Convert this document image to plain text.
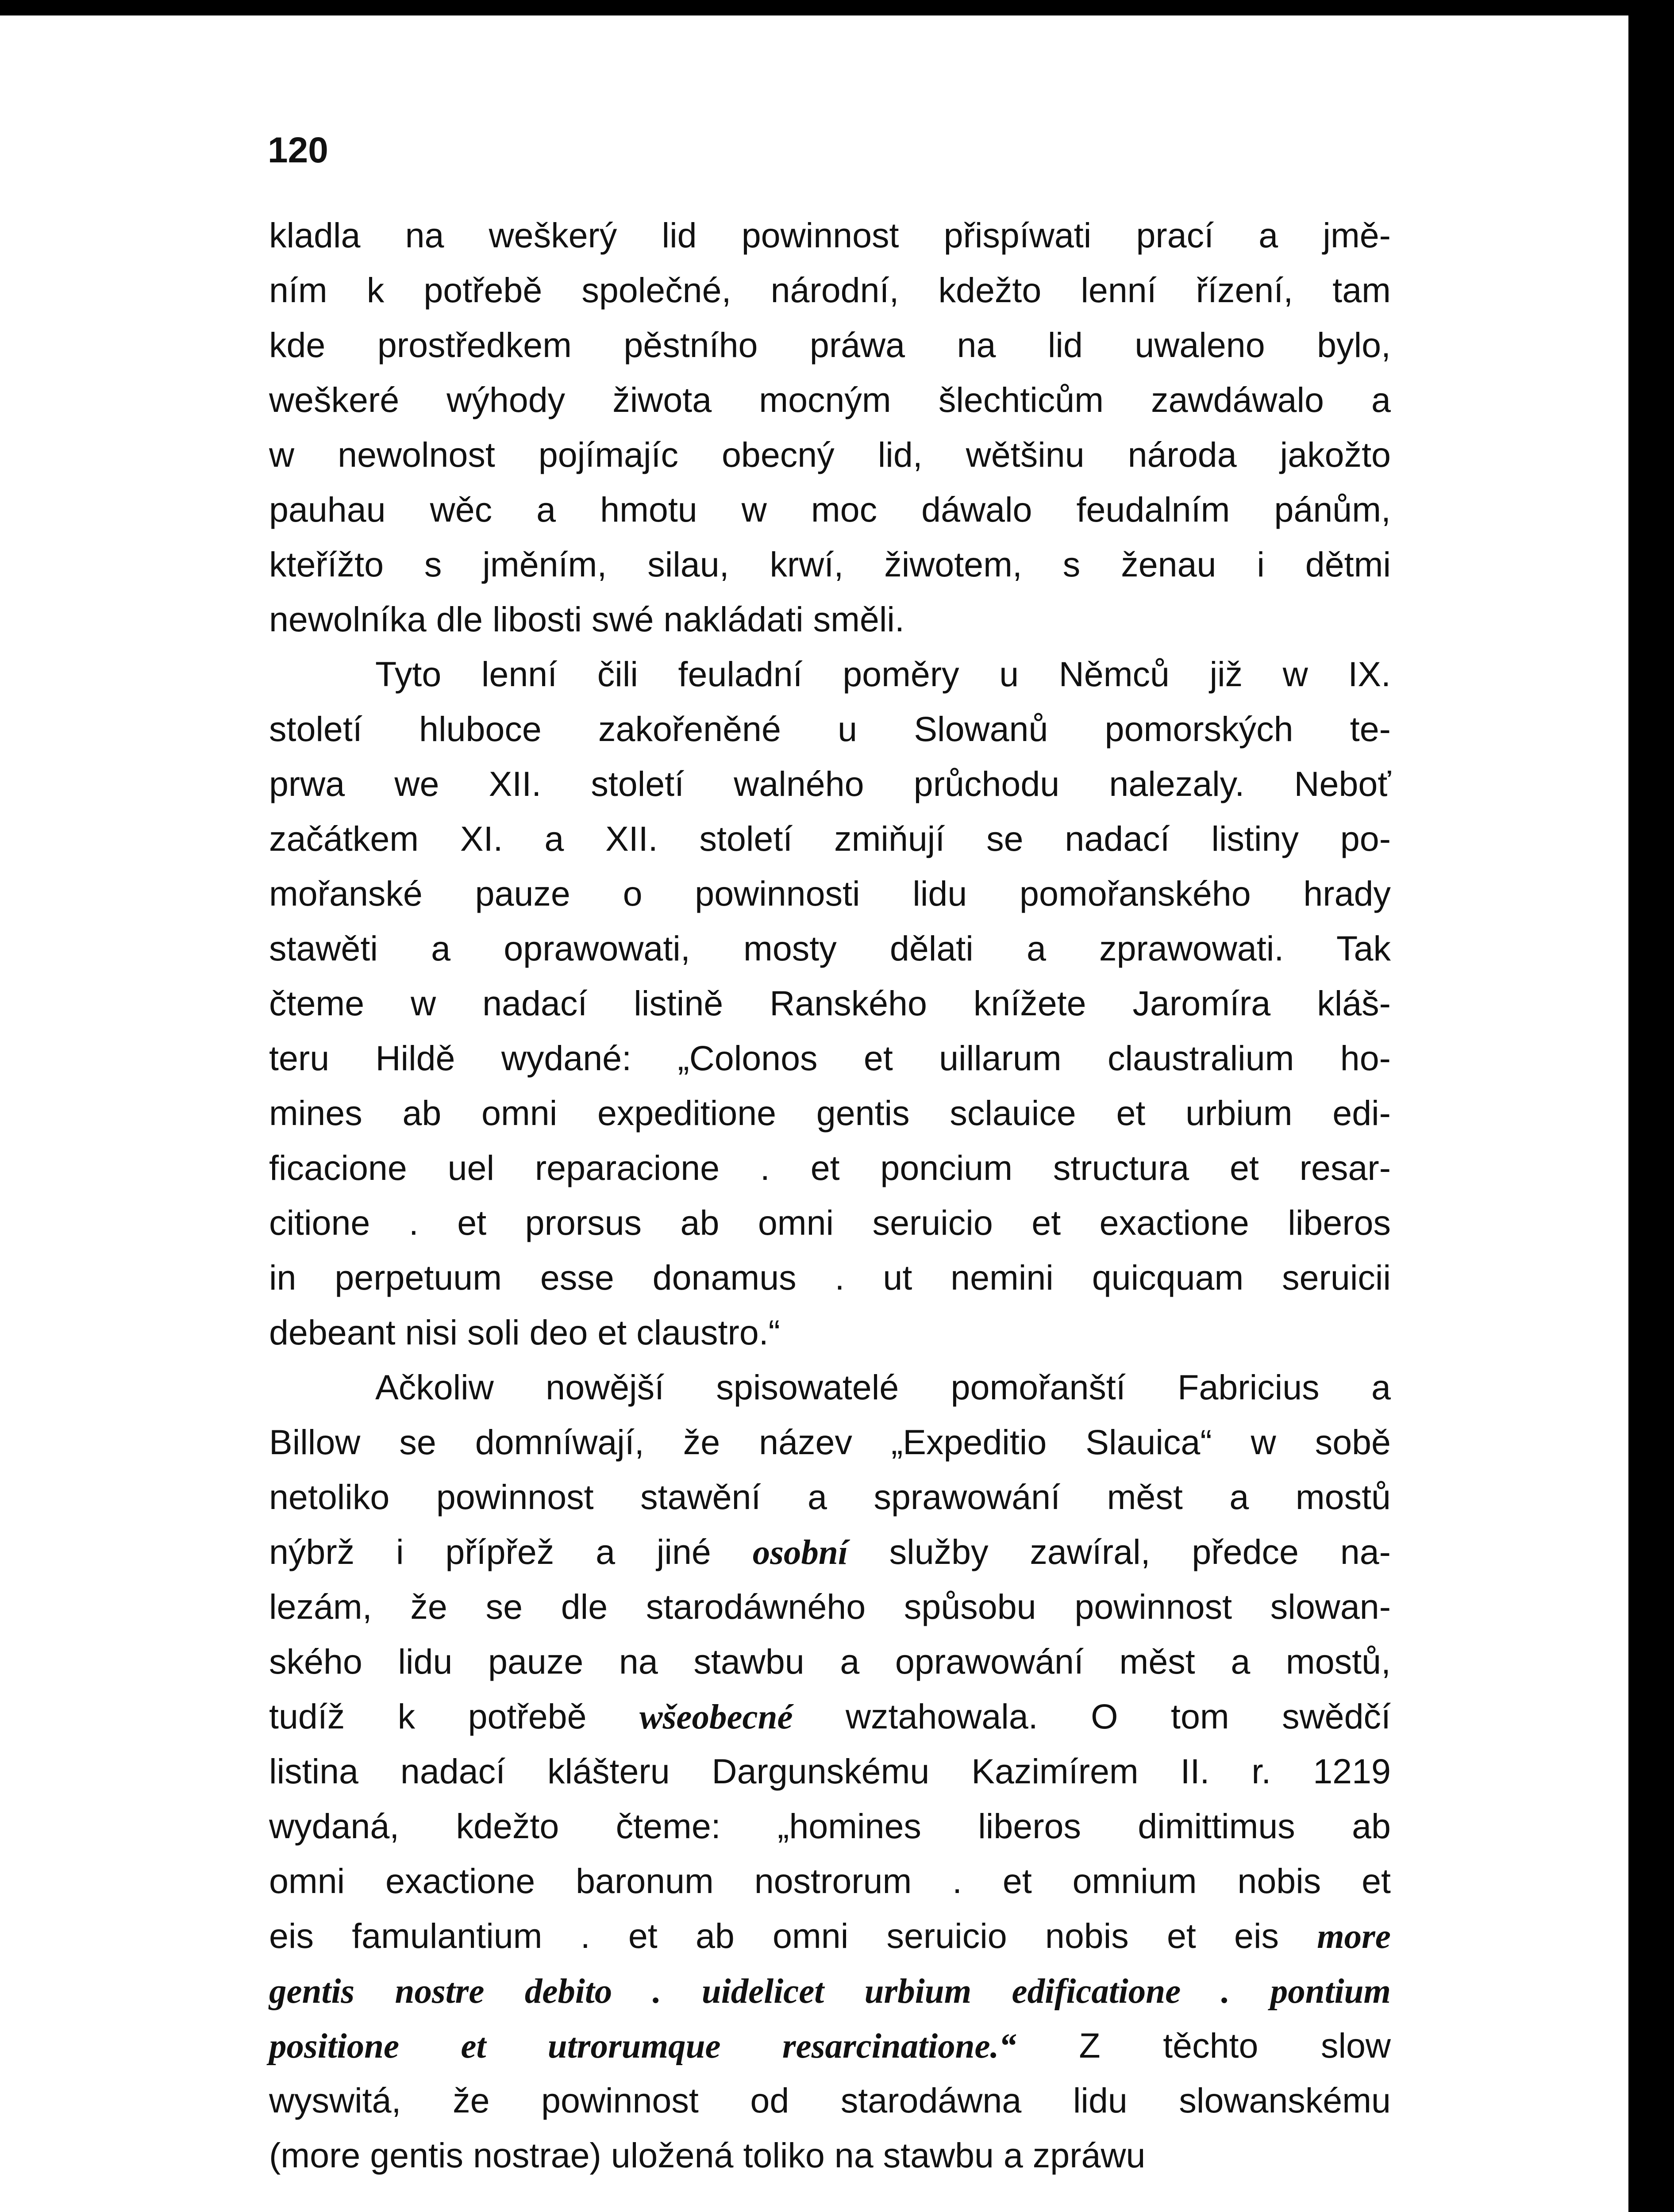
120
kladla na weškerý lid powinnost přispíwati prací a jmě-
ním k potřebě společné, národní, kdežto lenní řízení, tam
kde prostředkem pěstního práwa na lid uwaleno bylo,
weškeré wýhody žiwota mocným šlechticům zawdáwalo a
w newolnost pojímajíc obecný lid, wětšinu národa jakožto
pauhau wěc a hmotu w moc dáwalo feudalním pánům,
kteřížto s jměním, silau, krwí, žiwotem, s ženau i dětmi
newolníka dle libosti swé nakládati směli.
Tyto lenní čili feuladní poměry u Němců již w IX.
století hluboce zakořeněné u Slowanů pomorských te-
prwa we XII. století walného průchodu nalezaly. Neboť
začátkem XI. a XII. století zmiňují se nadací listiny po-
mořanské pauze o powinnosti lidu pomořanského hrady
stawěti a oprawowati, mosty dělati a zprawowati. Tak
čteme w nadací listině Ranského knížete Jaromíra kláš-
teru Hildě wydané: „Colonos et uillarum claustralium ho-
mines ab omni expeditione gentis sclauice et urbium edi-
ficacione uel reparacione . et poncium structura et resar-
citione . et prorsus ab omni seruicio et exactione liberos
in perpetuum esse donamus . ut nemini quicquam seruicii
debeant nisi soli deo et claustro.“
Ačkoliw nowější spisowatelé pomořanští Fabricius a
Billow se domníwají, že název „Expeditio Slauica“ w sobě
netoliko powinnost stawění a sprawowání měst a mostů
nýbrž i přípřež a jiné osobní služby zawíral, předce na-
lezám, že se dle starodáwného spůsobu powinnost slowan-
ského lidu pauze na stawbu a oprawowání měst a mostů,
tudíž k potřebě wšeobecné wztahowala. O tom swědčí
listina nadací klášteru Dargunskému Kazimírem II. r. 1219
wydaná, kdežto čteme: „homines liberos dimittimus ab
omni exactione baronum nostrorum . et omnium nobis et
eis famulantium . et ab omni seruicio nobis et eis more
gentis nostre debito . uidelicet urbium edificatione . pontium
positione et utrorumque resarcinatione.“ Z těchto slow
wyswitá, že powinnost od starodáwna lidu slowanskému
(more gentis nostrae) uložená toliko na stawbu a zpráwu
